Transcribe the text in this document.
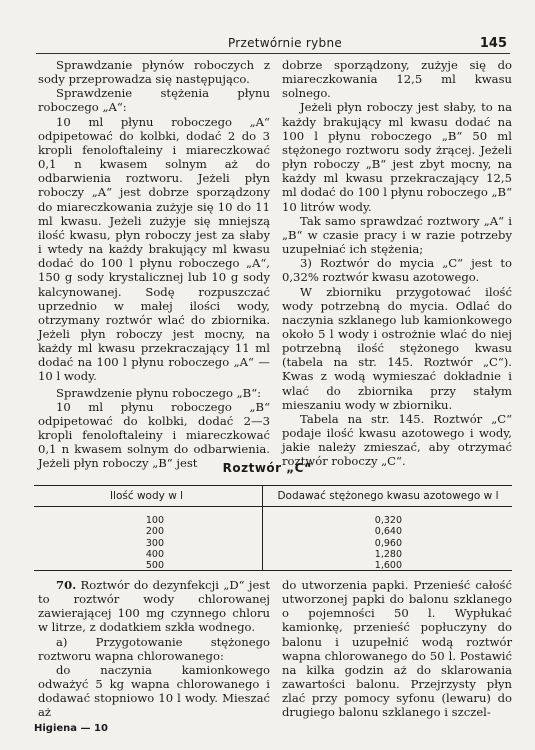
Przetwórnie rybne	145

Sprawdzanie płynów roboczych z sody przeprowadza się następująco.

Sprawdzenie stężenia płynu roboczego „A“:

10 ml płynu roboczego „A“ odpipetować do kolbki, dodać 2 do 3 kropli fenoloftaleiny i miareczkować 0,1 n kwasem solnym aż do odbarwienia roztworu. Jeżeli płyn roboczy „A“ jest dobrze sporządzony do miareczkowania zużyje się 10 do 11 ml kwasu. Jeżeli zużyje się mniejszą ilość kwasu, płyn roboczy jest za słaby i wtedy na każdy brakujący ml kwasu dodać do 100 l płynu roboczego „A“, 150 g sody krystalicznej lub 10 g sody kalcynowanej. Sodę rozpuszczać uprzednio w małej ilości wody, otrzymany roztwór wlać do zbiornika. Jeżeli płyn roboczy jest mocny, na każdy ml kwasu przekraczający 11 ml dodać na 100 l płynu roboczego „A“ — 10 l wody.

Sprawdzenie płynu roboczego „B“:

10 ml płynu roboczego „B“ odpipetować do kolbki, dodać 2—3 kropli fenoloftaleiny i miareczkować 0,1 n kwasem solnym do odbarwienia. Jeżeli płyn roboczy „B“ jest

dobrze sporządzony, zużyje się do miareczkowania 12,5 ml kwasu solnego.

Jeżeli płyn roboczy jest słaby, to na każdy brakujący ml kwasu dodać na 100 l płynu roboczego „B“ 50 ml stężonego roztworu sody żrącej. Jeżeli płyn roboczy „B“ jest zbyt mocny, na każdy ml kwasu przekraczający 12,5 ml dodać do 100 l płynu roboczego „B“ 10 litrów wody.

Tak samo sprawdzać roztwory „A“ i „B“ w czasie pracy i w razie potrzeby uzupełniać ich stężenia;

3) Roztwór do mycia „C“ jest to 0,32% roztwór kwasu azotowego.

W zbiorniku przygotować ilość wody potrzebną do mycia. Odlać do naczynia szklanego lub kamionkowego około 5 l wody i ostrożnie wlać do niej potrzebną ilość stężonego kwasu (tabela na str. 145. Roztwór „C“). Kwas z wodą wymieszać dokładnie i wlać do zbiornika przy stałym mieszaniu wody w zbiorniku.

Tabela na str. 145. Roztwór „C“ podaje ilość kwasu azotowego i wody, jakie należy zmieszać, aby otrzymać roztwór roboczy „C“.

Roztwór „C“
Ilość wody w l	Dodawać stężonego kwasu azotowego w l
100
200
300
400
500
0,320
0,640
0,960
1,280
1,600

70. Roztwór do dezynfekcji „D“ jest to roztwór wody chlorowanej zawierającej 100 mg czynnego chloru w litrze, z dodatkiem szkła wodnego.

a) Przygotowanie stężonego roztworu wapna chlorowanego:

do naczynia kamionkowego odważyć 5 kg wapna chlorowanego i dodawać stopniowo 10 l wody. Mieszać aż

do utworzenia papki. Przenieść całość utworzonej papki do balonu szklanego o pojemności 50 l. Wypłukać kamionkę, przenieść popłuczyny do balonu i uzupełnić wodą roztwór wapna chlorowanego do 50 l. Postawić na kilka godzin aż do sklarowania zawartości balonu. Przejrzysty płyn zlać przy pomocy syfonu (lewaru) do drugiego balonu szklanego i szczel-

Higiena — 10
